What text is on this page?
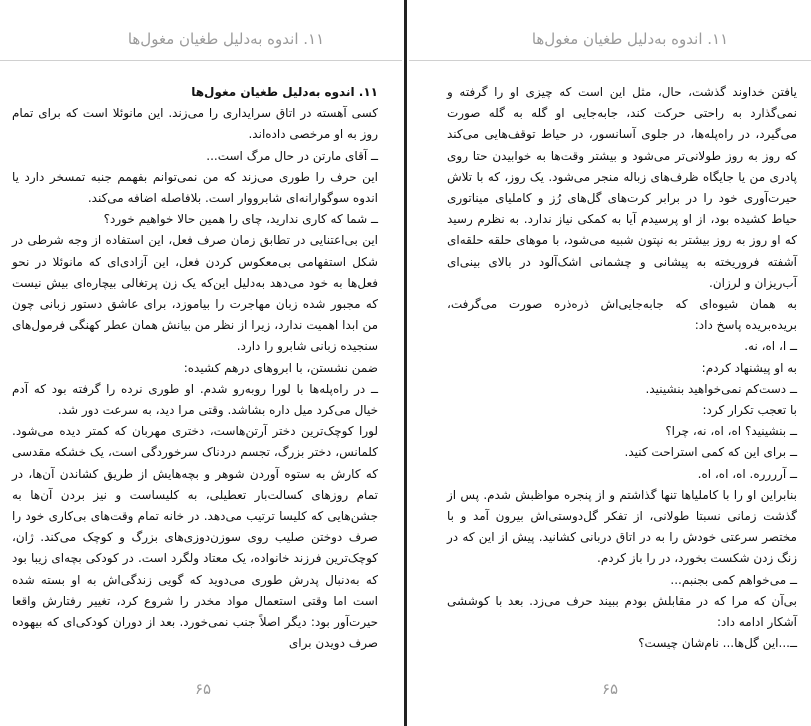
۱۱. اندوه به‌دلیل طغیان مغول‌ها

۱۱. اندوه به‌دلیل طغیان مغول‌ها

کسی آهسته در اتاق سرایداری را می‌زند. این مانوئلا است که برای تمام روز به او مرخصی داده‌اند.

ــ آقای مارتن در حال مرگ است...

این حرف را طوری می‌زند که من نمی‌توانم بفهمم جنبه تمسخر دارد یا اندوه سوگوارانه‌ای شابرووار است. بلافاصله اضافه می‌کند.

ــ شما که کاری ندارید، چای را همین حالا خواهیم خورد؟

این بی‌اعتنایی در تطابق زمان صرف فعل، این استفاده از وجه شرطی در شکل استفهامی بی‌معکوس کردن فعل، این آزادی‌ای که مانوئلا در نحو فعل‌ها به خود می‌دهد به‌دلیل این‌که یک زن پرتغالی بیچاره‌ای بیش نیست که مجبور شده زبان مهاجرت را بیاموزد، برای عاشق دستور زبانی چون من ابدا اهمیت ندارد، زیرا از نظر من بیانش همان عطر کهنگی فرمول‌های سنجیده زبانی شابرو را دارد.

ضمن نشستن، با ابروهای درهم کشیده:

ــ در راه‌پله‌ها با لورا روبه‌رو شدم. او طوری نرده را گرفته بود که آدم خیال می‌کرد میل داره بشاشد. وقتی مرا دید، به سرعت دور شد.

لورا کوچک‌ترین دختر آرتن‌هاست، دختری مهربان که کمتر دیده می‌شود. کلمانس، دختر بزرگ، تجسم دردناک سرخوردگی است، یک خشکه مقدسی که کارش به ستوه آوردن شوهر و بچه‌هایش از طریق کشاندن آن‌ها، در تمام روزهای کسالت‌بار تعطیلی، به کلیساست و نیز بردن آن‌ها به جشن‌هایی که کلیسا ترتیب می‌دهد. در خانه تمام وقت‌های بی‌کاری خود را صرف دوختن صلیب روی سوزن‌دوزی‌های بزرگ و کوچک می‌کند. ژان، کوچک‌ترین فرزند خانواده، یک معتاد ولگرد است. در کودکی بچه‌ای زیبا بود که به‌دنبال پدرش طوری می‌دوید که گویی زندگی‌اش به او بسته شده است اما وقتی استعمال مواد مخدر را شروع کرد، تغییر رفتارش واقعا حیرت‌آور بود: دیگر اصلاً جنب نمی‌خورد. بعد از دوران کودکی‌ای که بیهوده صرف دویدن برای

۶۵
۱۱. اندوه به‌دلیل طغیان مغول‌ها

یافتن خداوند گذشت، حال، مثل این است که چیزی او را گرفته و نمی‌گذارد به راحتی حرکت کند، جابه‌جایی او گله به گله صورت می‌گیرد، در راه‌پله‌ها، در جلوی آسانسور، در حیاط توقف‌هایی می‌کند که روز به روز طولانی‌تر می‌شود و بیشتر وقت‌ها به خوابیدن حتا روی پادری من یا جایگاه ظرف‌های زباله منجر می‌شود. یک روز، که با تلاش حیرت‌آوری خود را در برابر کرت‌های گل‌های رُز و کاملیای میناتوری حیاط کشیده بود، از او پرسیدم آیا به کمکی نیاز ندارد. به نظرم رسید که او روز به روز بیشتر به نپتون شبیه می‌شود، با موهای حلقه حلقه‌ای آشفته فروریخته به پیشانی و چشمانی اشک‌آلود در بالای بینی‌ای آب‌ریزان و لرزان.

به همان شیوه‌ای که جابه‌جایی‌اش ذره‌ذره صورت می‌گرفت، بریده‌بریده پاسخ داد:

ــ ا، اه، نه.

به او پیشنهاد کردم:

ــ دست‌کم نمی‌خواهید بنشینید.

با تعجب تکرار کرد:

ــ بنشینید؟ اه، اه، نه، چرا؟

ــ برای این که کمی استراحت کنید.

ــ آرررره. اه، اه، اه.

بنابراین او را با کاملیاها تنها گذاشتم و از پنجره مواظبش شدم. پس از گذشت زمانی نسبتا طولانی، از تفکر گل‌دوستی‌اش بیرون آمد و با مختصر سرعتی خودش را به در اتاق دربانی کشانید. پیش از این که در زنگ زدن شکست بخورد، در را باز کردم.

ــ می‌خواهم کمی بجنبم...

بی‌آن که مرا که در مقابلش بودم ببیند حرف می‌زد. بعد با کوششی آشکار ادامه داد:

ــ...این گل‌ها... نام‌شان چیست؟

۶۵
